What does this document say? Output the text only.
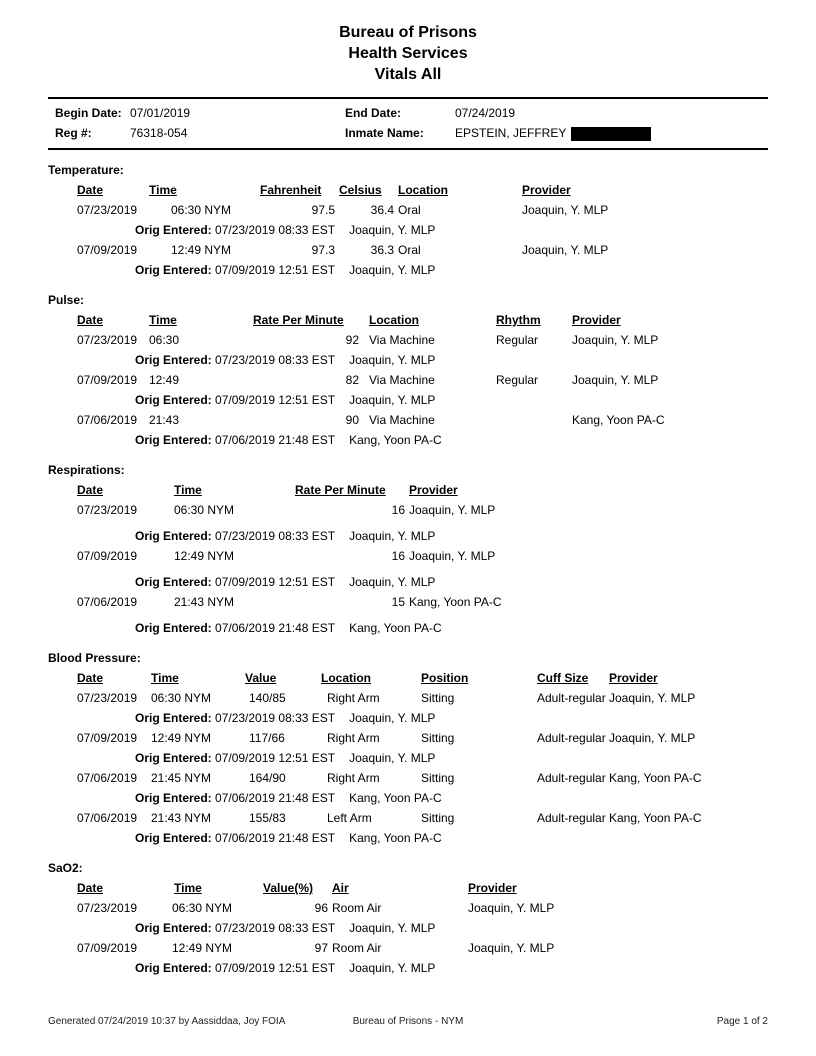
Bureau of Prisons
Health Services
Vitals All
Begin Date: 07/01/2019	End Date:	07/24/2019
Reg #:	76318-054	Inmate Name:	EPSTEIN, JEFFREY
Temperature:
Date	Time	Fahrenheit	Celsius	Location	Provider
07/23/2019	06:30 NYM	97.5	36.4	Oral	Joaquin, Y. MLP
Orig Entered: 07/23/2019 08:33 EST Joaquin, Y. MLP					
07/09/2019	12:49 NYM	97.3	36.3	Oral	Joaquin, Y. MLP
Orig Entered: 07/09/2019 12:51 EST Joaquin, Y. MLP					
Pulse:
Date	Time	Rate Per Minute	Location	Rhythm	Provider
07/23/2019	06:30	92	Via Machine	Regular	Joaquin, Y. MLP
Orig Entered: 07/23/2019 08:33 EST Joaquin, Y. MLP					
07/09/2019	12:49	82	Via Machine	Regular	Joaquin, Y. MLP
Orig Entered: 07/09/2019 12:51 EST Joaquin, Y. MLP					
07/06/2019	21:43	90	Via Machine		Kang, Yoon PA-C
Orig Entered: 07/06/2019 21:48 EST Kang, Yoon PA-C					
Respirations:
Date	Time	Rate Per Minute	Provider
07/23/2019	06:30 NYM	16	Joaquin, Y. MLP
Orig Entered: 07/23/2019 08:33 EST Joaquin, Y. MLP			
07/09/2019	12:49 NYM	16	Joaquin, Y. MLP
Orig Entered: 07/09/2019 12:51 EST Joaquin, Y. MLP			
07/06/2019	21:43 NYM	15	Kang, Yoon PA-C
Orig Entered: 07/06/2019 21:48 EST Kang, Yoon PA-C			
Blood Pressure:
Date	Time	Value	Location	Position	Cuff Size	Provider
07/23/2019	06:30 NYM	140/85	Right Arm	Sitting	Adult-regular	Joaquin, Y. MLP
Orig Entered: 07/23/2019 08:33 EST Joaquin, Y. MLP						
07/09/2019	12:49 NYM	117/66	Right Arm	Sitting	Adult-regular	Joaquin, Y. MLP
Orig Entered: 07/09/2019 12:51 EST Joaquin, Y. MLP						
07/06/2019	21:45 NYM	164/90	Right Arm	Sitting	Adult-regular	Kang, Yoon PA-C
Orig Entered: 07/06/2019 21:48 EST Kang, Yoon PA-C						
07/06/2019	21:43 NYM	155/83	Left Arm	Sitting	Adult-regular	Kang, Yoon PA-C
Orig Entered: 07/06/2019 21:48 EST Kang, Yoon PA-C						
SaO2:
Date	Time	Value(%)	Air	Provider
07/23/2019	06:30 NYM	96	Room Air	Joaquin, Y. MLP
Orig Entered: 07/23/2019 08:33 EST Joaquin, Y. MLP				
07/09/2019	12:49 NYM	97	Room Air	Joaquin, Y. MLP
Orig Entered: 07/09/2019 12:51 EST Joaquin, Y. MLP				
Generated 07/24/2019 10:37 by Aassiddaa, Joy FOIA	Bureau of Prisons - NYM	Page 1 of 2
